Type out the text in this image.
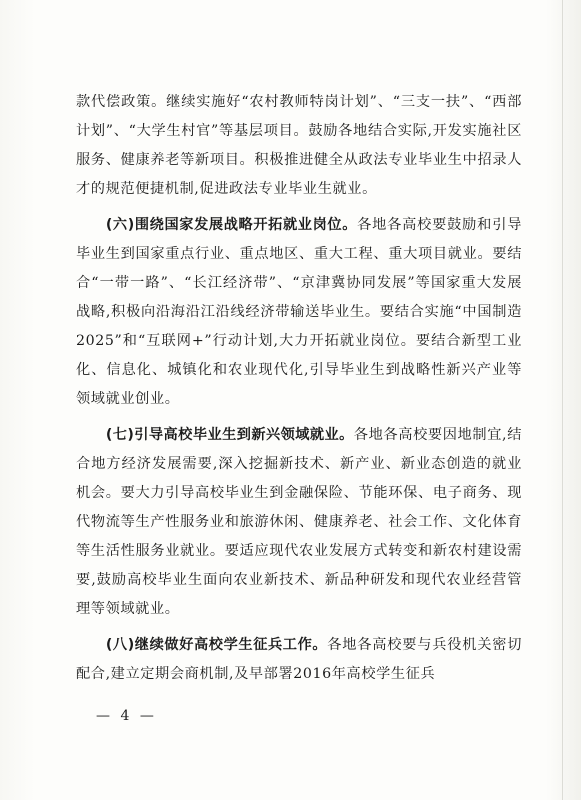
款代偿政策。继续实施好“农村教师特岗计划”、“三支一扶”、“西部计划”、“大学生村官”等基层项目。鼓励各地结合实际,开发实施社区服务、健康养老等新项目。积极推进健全从政法专业毕业生中招录人才的规范便捷机制,促进政法专业毕业生就业。

(六)围绕国家发展战略开拓就业岗位。各地各高校要鼓励和引导毕业生到国家重点行业、重点地区、重大工程、重大项目就业。要结合“一带一路”、“长江经济带”、“京津冀协同发展”等国家重大发展战略,积极向沿海沿江沿线经济带输送毕业生。要结合实施“中国制造2025”和“互联网+”行动计划,大力开拓就业岗位。要结合新型工业化、信息化、城镇化和农业现代化,引导毕业生到战略性新兴产业等领域就业创业。

(七)引导高校毕业生到新兴领域就业。各地各高校要因地制宜,结合地方经济发展需要,深入挖掘新技术、新产业、新业态创造的就业机会。要大力引导高校毕业生到金融保险、节能环保、电子商务、现代物流等生产性服务业和旅游休闲、健康养老、社会工作、文化体育等生活性服务业就业。要适应现代农业发展方式转变和新农村建设需要,鼓励高校毕业生面向农业新技术、新品种研发和现代农业经营管理等领域就业。

(八)继续做好高校学生征兵工作。各地各高校要与兵役机关密切配合,建立定期会商机制,及早部署2016年高校学生征兵

— 4 —
